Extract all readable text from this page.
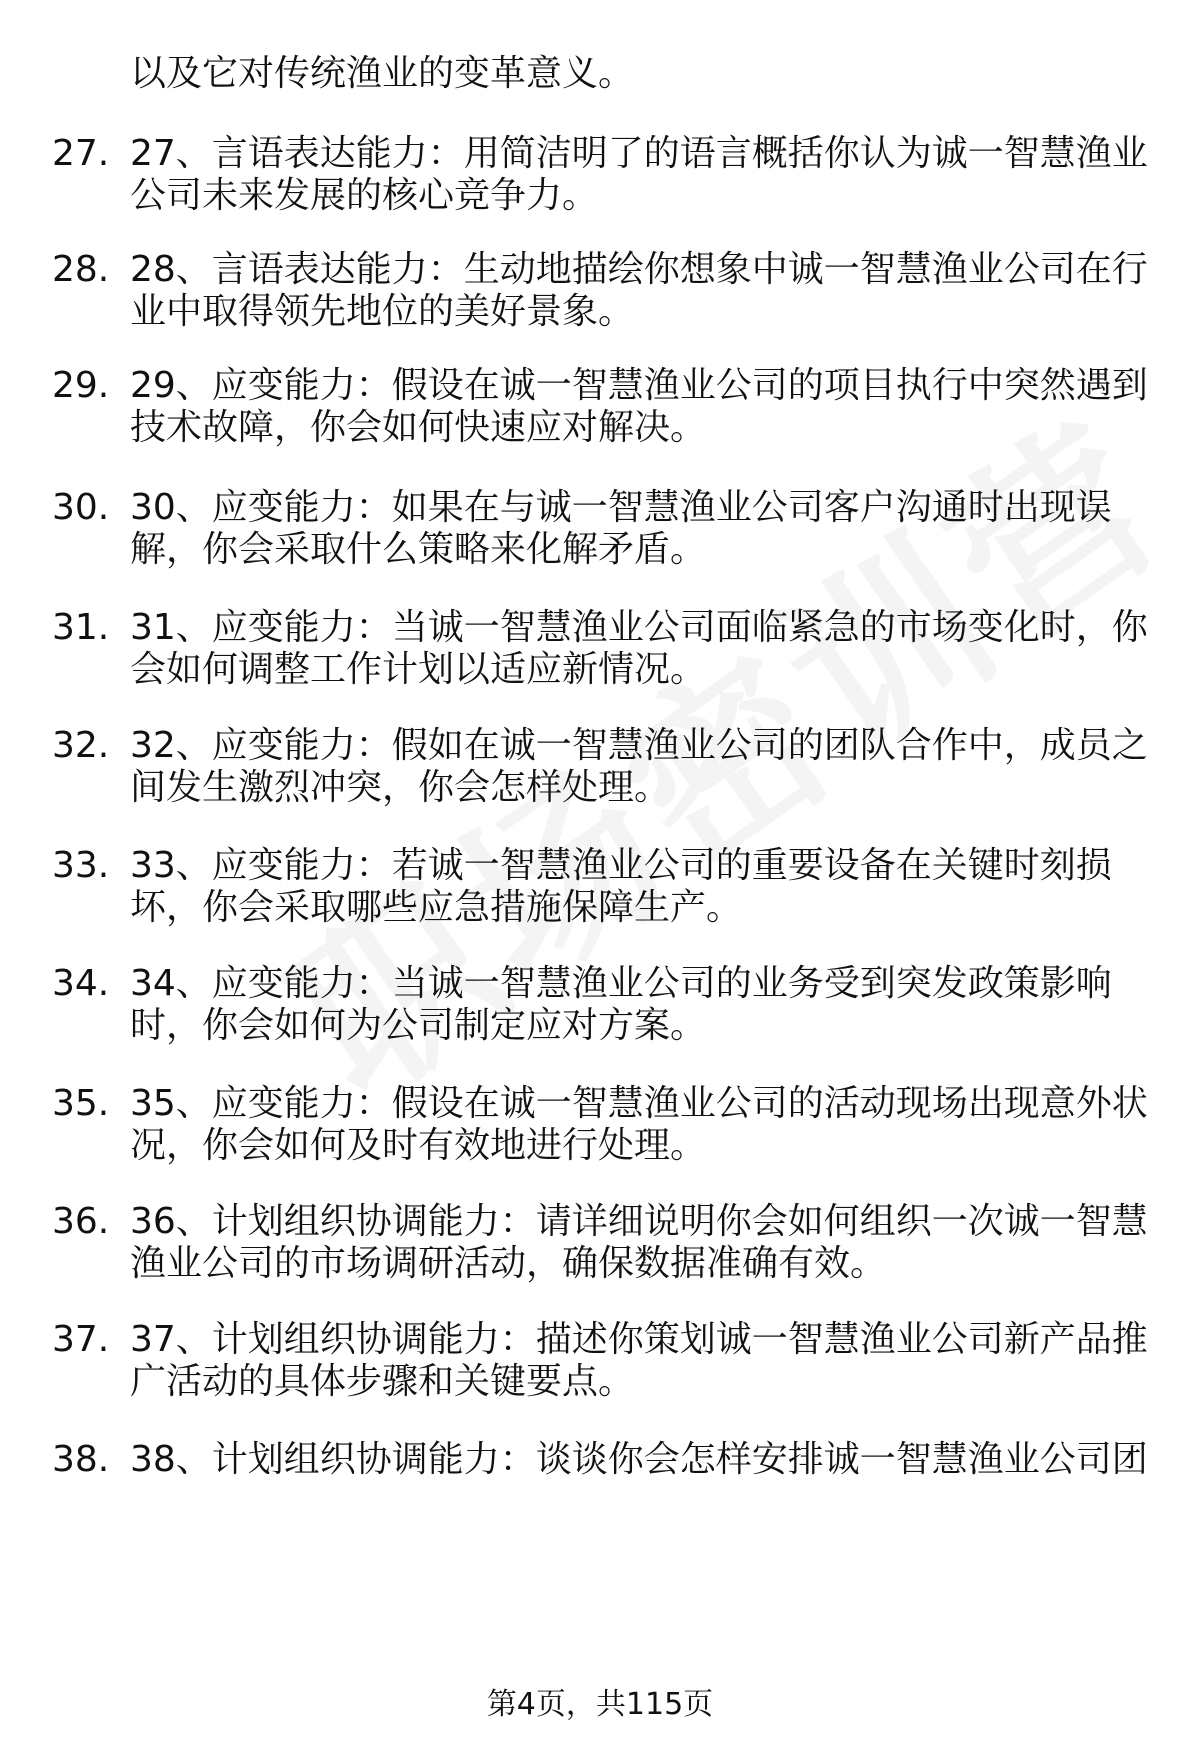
以及它对传统渔业的变革意义。
27. 27、言语表达能力：用简洁明了的语言概括你认为诚一智慧渔业
公司未来发展的核心竞争力。
28. 28、言语表达能力：生动地描绘你想象中诚一智慧渔业公司在行
业中取得领先地位的美好景象。
29. 29、应变能力：假设在诚一智慧渔业公司的项目执行中突然遇到
技术故障，你会如何快速应对解决。
30. 30、应变能力：如果在与诚一智慧渔业公司客户沟通时出现误
解，你会采取什么策略来化解矛盾。
31. 31、应变能力：当诚一智慧渔业公司面临紧急的市场变化时，你
会如何调整工作计划以适应新情况。
32. 32、应变能力：假如在诚一智慧渔业公司的团队合作中，成员之
间发生激烈冲突，你会怎样处理。
33. 33、应变能力：若诚一智慧渔业公司的重要设备在关键时刻损
坏，你会采取哪些应急措施保障生产。
34. 34、应变能力：当诚一智慧渔业公司的业务受到突发政策影响
时，你会如何为公司制定应对方案。
35. 35、应变能力：假设在诚一智慧渔业公司的活动现场出现意外状
况，你会如何及时有效地进行处理。
36. 36、计划组织协调能力：请详细说明你会如何组织一次诚一智慧
渔业公司的市场调研活动，确保数据准确有效。
37. 37、计划组织协调能力：描述你策划诚一智慧渔业公司新产品推
广活动的具体步骤和关键要点。
38. 38、计划组织协调能力：谈谈你会怎样安排诚一智慧渔业公司团
第4页，共115页
